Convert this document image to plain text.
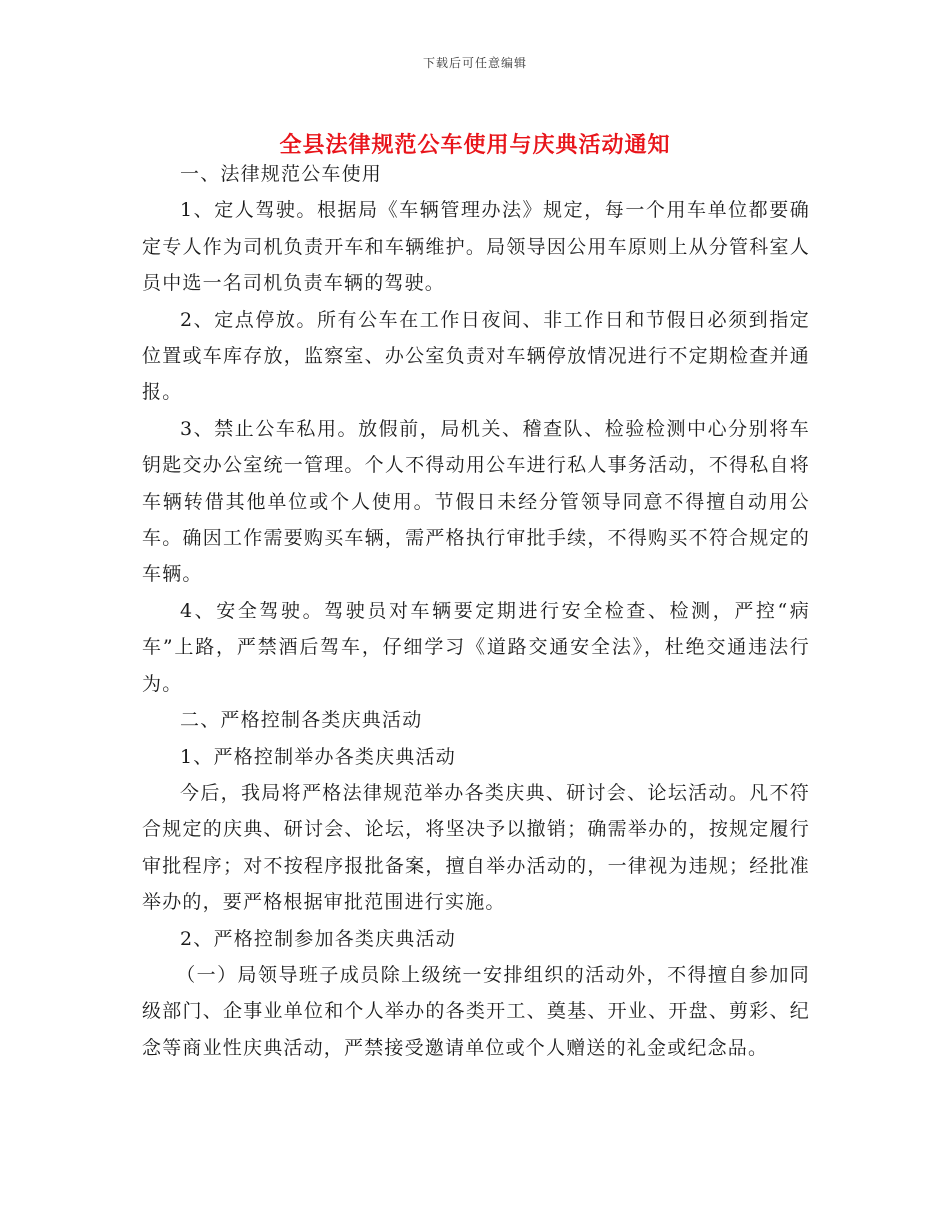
下载后可任意编辑
全县法律规范公车使用与庆典活动通知

一、法律规范公车使用

1、定人驾驶。根据局《车辆管理办法》规定，每一个用车单位都要确定专人作为司机负责开车和车辆维护。局领导因公用车原则上从分管科室人员中选一名司机负责车辆的驾驶。

2、定点停放。所有公车在工作日夜间、非工作日和节假日必须到指定位置或车库存放，监察室、办公室负责对车辆停放情况进行不定期检查并通报。

3、禁止公车私用。放假前，局机关、稽查队、检验检测中心分别将车钥匙交办公室统一管理。个人不得动用公车进行私人事务活动，不得私自将车辆转借其他单位或个人使用。节假日未经分管领导同意不得擅自动用公车。确因工作需要购买车辆，需严格执行审批手续，不得购买不符合规定的车辆。

4、安全驾驶。驾驶员对车辆要定期进行安全检查、检测，严控“病车”上路，严禁酒后驾车，仔细学习《道路交通安全法》，杜绝交通违法行为。

二、严格控制各类庆典活动

1、严格控制举办各类庆典活动

今后，我局将严格法律规范举办各类庆典、研讨会、论坛活动。凡不符合规定的庆典、研讨会、论坛，将坚决予以撤销；确需举办的，按规定履行审批程序；对不按程序报批备案，擅自举办活动的，一律视为违规；经批准举办的，要严格根据审批范围进行实施。

2、严格控制参加各类庆典活动

（一）局领导班子成员除上级统一安排组织的活动外，不得擅自参加同级部门、企事业单位和个人举办的各类开工、奠基、开业、开盘、剪彩、纪念等商业性庆典活动，严禁接受邀请单位或个人赠送的礼金或纪念品。
